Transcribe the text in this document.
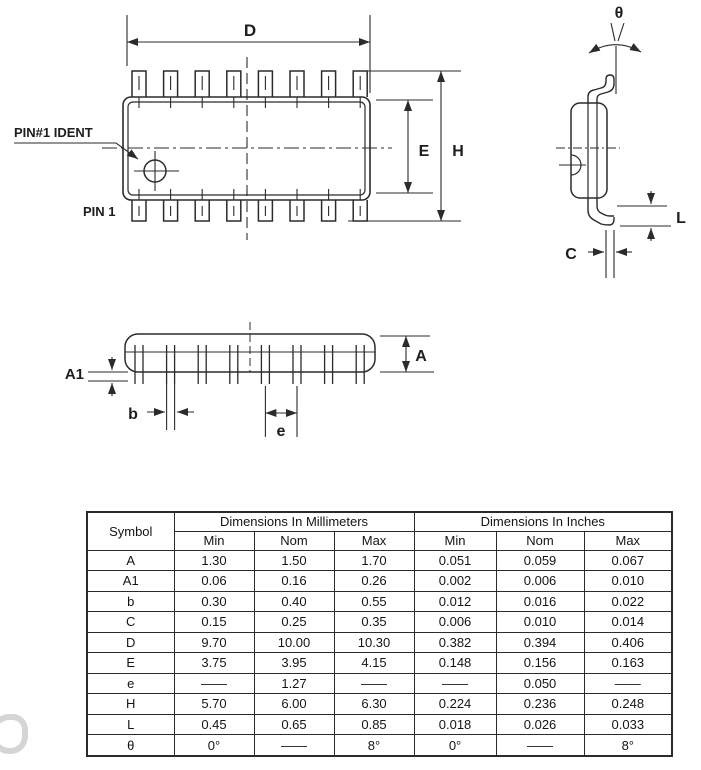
D
E H
PIN#1 IDENT
PIN 1
θ
L
C
A
A1
b
e
Symbol	Dimensions In Millimeters			Dimensions In Inches		
	Min	Nom	Max	Min	Nom	Max
A	1.30	1.50	1.70	0.051	0.059	0.067
A1	0.06	0.16	0.26	0.002	0.006	0.010
b	0.30	0.40	0.55	0.012	0.016	0.022
C	0.15	0.25	0.35	0.006	0.010	0.014
D	9.70	10.00	10.30	0.382	0.394	0.406
E	3.75	3.95	4.15	0.148	0.156	0.163
e	——	1.27	——	——	0.050	——
H	5.70	6.00	6.30	0.224	0.236	0.248
L	0.45	0.65	0.85	0.018	0.026	0.033
θ	0°	——	8°	0°	——	8°
